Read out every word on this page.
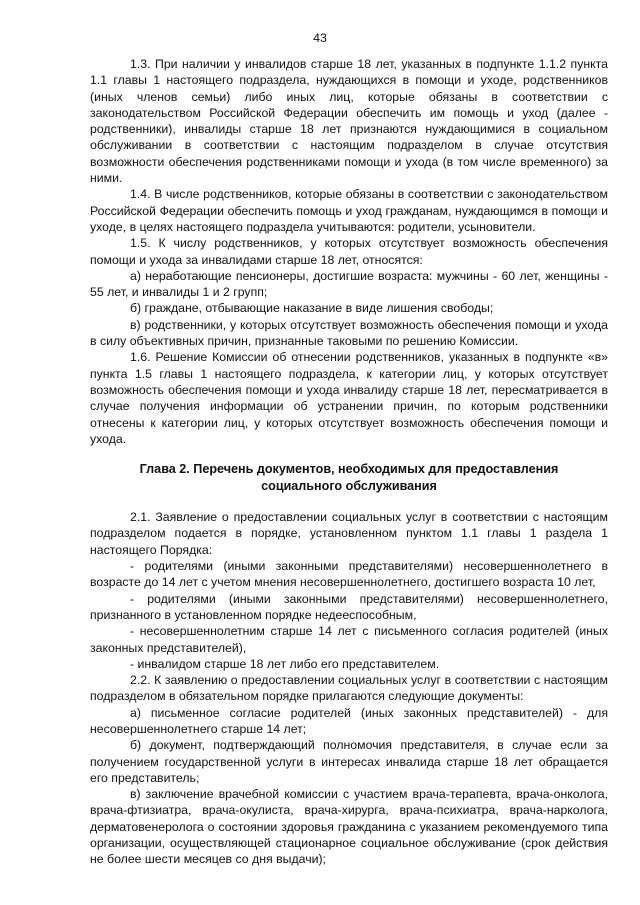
43

1.3. При наличии у инвалидов старше 18 лет, указанных в подпункте 1.1.2 пункта 1.1 главы 1 настоящего подраздела, нуждающихся в помощи и уходе, родственников (иных членов семьи) либо иных лиц, которые обязаны в соответствии с законодательством Российской Федерации обеспечить им помощь и уход (далее - родственники), инвалиды старше 18 лет признаются нуждающимися в социальном обслуживании в соответствии с настоящим подразделом в случае отсутствия возможности обеспечения родственниками помощи и ухода (в том числе временного) за ними.

1.4. В числе родственников, которые обязаны в соответствии с законодательством Российской Федерации обеспечить помощь и уход гражданам, нуждающимся в помощи и уходе, в целях настоящего подраздела учитываются: родители, усыновители.

1.5. К числу родственников, у которых отсутствует возможность обеспечения помощи и ухода за инвалидами старше 18 лет, относятся:

а) неработающие пенсионеры, достигшие возраста: мужчины - 60 лет, женщины - 55 лет, и инвалиды 1 и 2 групп;

б) граждане, отбывающие наказание в виде лишения свободы;

в) родственники, у которых отсутствует возможность обеспечения помощи и ухода в силу объективных причин, признанные таковыми по решению Комиссии.

1.6. Решение Комиссии об отнесении родственников, указанных в подпункте «в» пункта 1.5 главы 1 настоящего подраздела, к категории лиц, у которых отсутствует возможность обеспечения помощи и ухода инвалиду старше 18 лет, пересматривается в случае получения информации об устранении причин, по которым родственники отнесены к категории лиц, у которых отсутствует возможность обеспечения помощи и ухода.

Глава 2. Перечень документов, необходимых для предоставления
социального обслуживания

2.1. Заявление о предоставлении социальных услуг в соответствии с настоящим подразделом подается в порядке, установленном пунктом 1.1 главы 1 раздела 1 настоящего Порядка:

- родителями (иными законными представителями) несовершеннолетнего в возрасте до 14 лет с учетом мнения несовершеннолетнего, достигшего возраста 10 лет,

- родителями (иными законными представителями) несовершеннолетнего, признанного в установленном порядке недееспособным,

- несовершеннолетним старше 14 лет с письменного согласия родителей (иных законных представителей),

- инвалидом старше 18 лет либо его представителем.

2.2. К заявлению о предоставлении социальных услуг в соответствии с настоящим подразделом в обязательном порядке прилагаются следующие документы:

а) письменное согласие родителей (иных законных представителей) - для несовершеннолетнего старше 14 лет;

б) документ, подтверждающий полномочия представителя, в случае если за получением государственной услуги в интересах инвалида старше 18 лет обращается его представитель;

в) заключение врачебной комиссии с участием врача-терапевта, врача-онколога, врача-фтизиатра, врача-окулиста, врача-хирурга, врача-психиатра, врача-нарколога, дерматовенеролога о состоянии здоровья гражданина с указанием рекомендуемого типа организации, осуществляющей стационарное социальное обслуживание (срок действия не более шести месяцев со дня выдачи);
